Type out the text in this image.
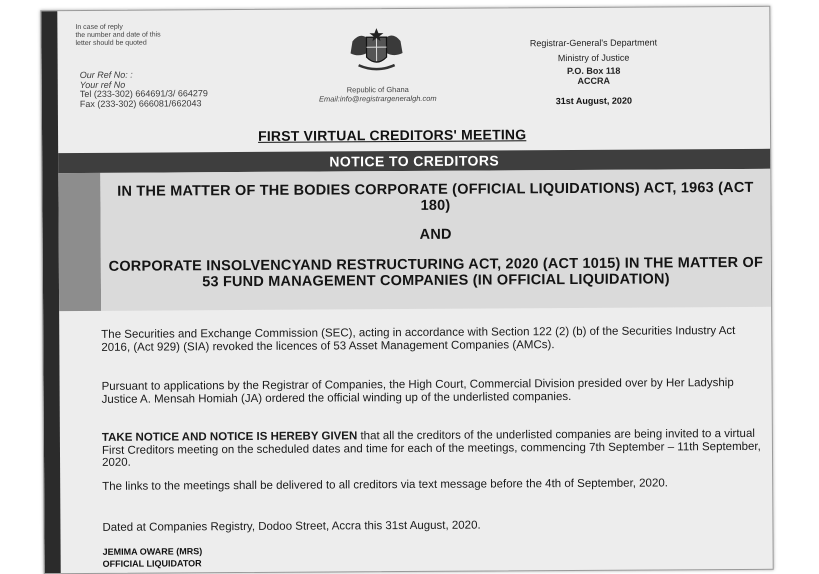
In case of reply
the number and date of this
letter should be quoted
Our Ref No: :
Your ref No
Tel (233-302) 664691/3/ 664279
Fax (233-302) 666081/662043
Republic of Ghana
Email:info@registrargeneralgh.com
Registrar-General's Department
Ministry of Justice
P.O. Box 118
ACCRA
31st August, 2020
FIRST VIRTUAL CREDITORS' MEETING
NOTICE TO CREDITORS
IN THE MATTER OF THE BODIES CORPORATE (OFFICIAL LIQUIDATIONS) ACT, 1963 (ACT 180)
AND
CORPORATE INSOLVENCYAND RESTRUCTURING ACT, 2020 (ACT 1015) IN THE MATTER OF 53 FUND MANAGEMENT COMPANIES (IN OFFICIAL LIQUIDATION)
The Securities and Exchange Commission (SEC), acting in accordance with Section 122 (2) (b) of the Securities Industry Act 2016, (Act 929) (SIA) revoked the licences of 53 Asset Management Companies (AMCs).
Pursuant to applications by the Registrar of Companies, the High Court, Commercial Division presided over by Her Ladyship Justice A. Mensah Homiah (JA) ordered the official winding up of the underlisted companies.
TAKE NOTICE AND NOTICE IS HEREBY GIVEN that all the creditors of the underlisted companies are being invited to a virtual First Creditors meeting on the scheduled dates and time for each of the meetings, commencing 7th September – 11th September, 2020.
The links to the meetings shall be delivered to all creditors via text message before the 4th of September, 2020.
Dated at Companies Registry, Dodoo Street, Accra this 31st August, 2020.
JEMIMA OWARE (MRS)
OFFICIAL LIQUIDATOR
